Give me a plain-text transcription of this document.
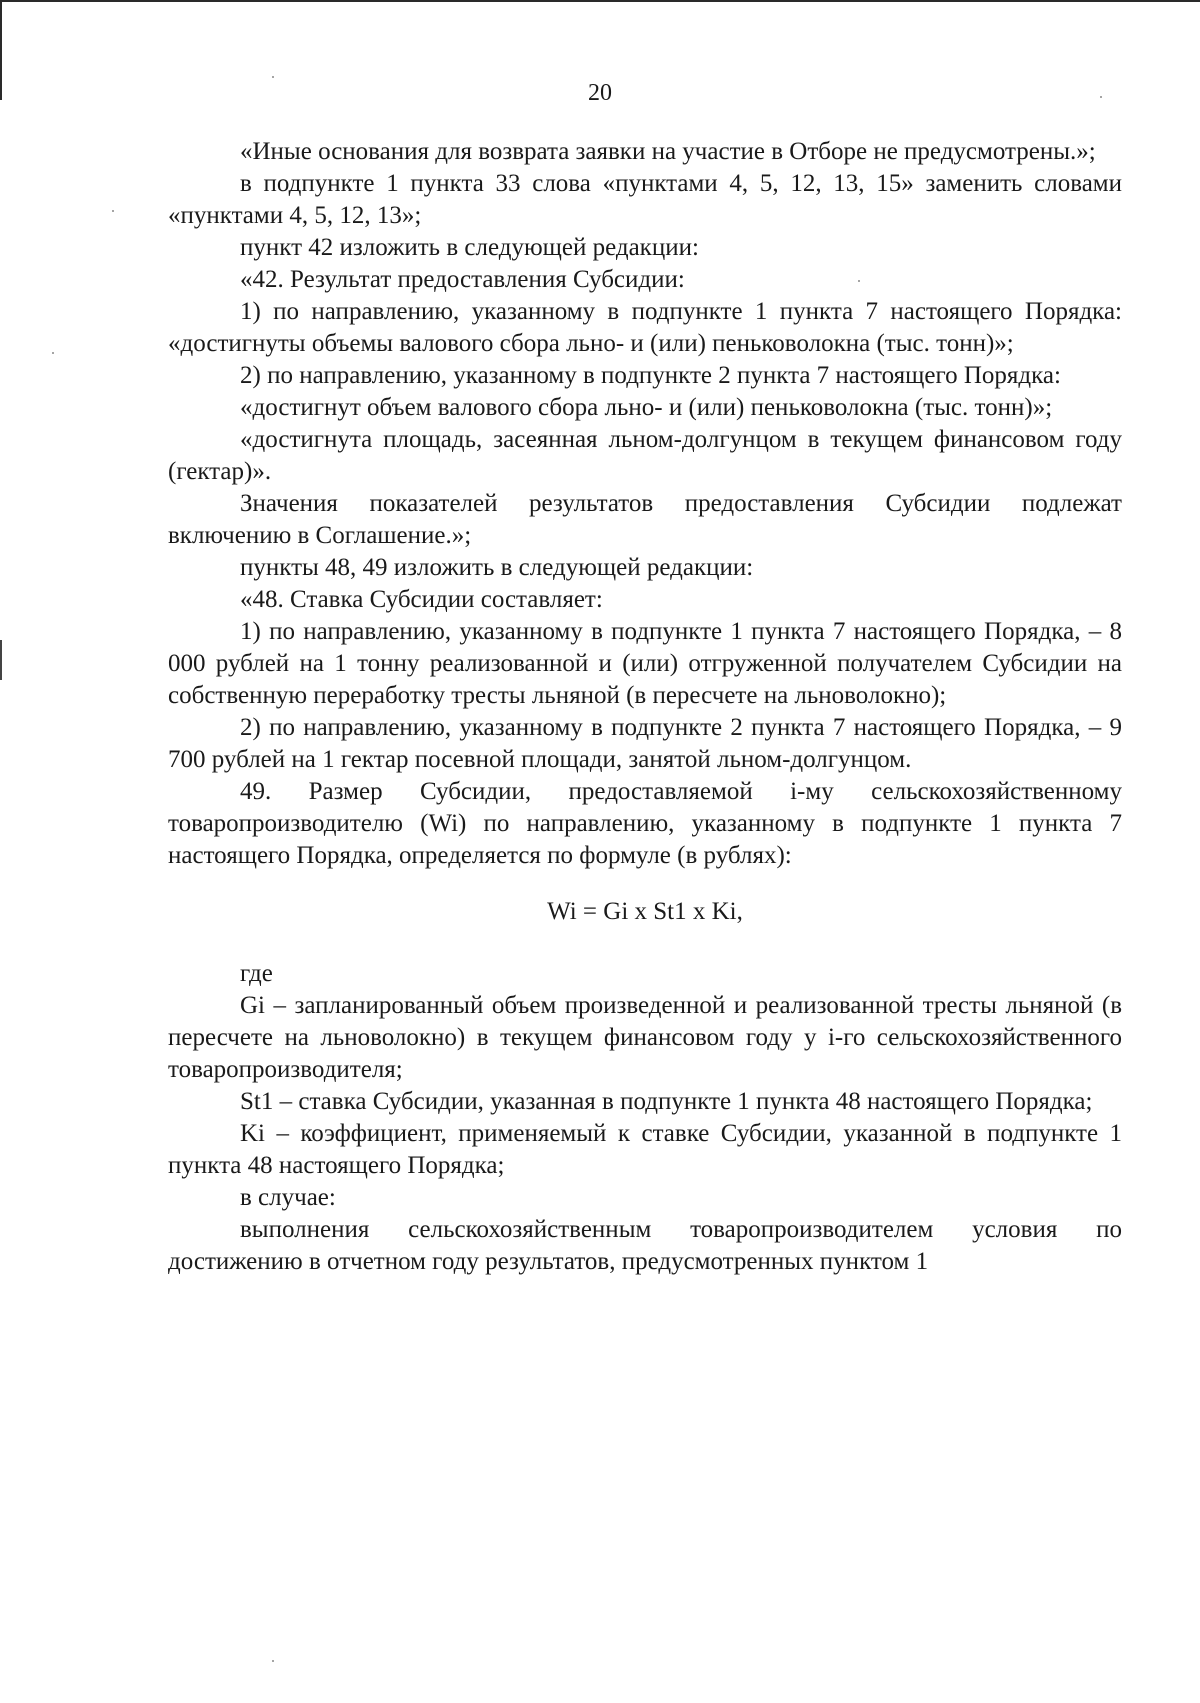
20

«Иные основания для возврата заявки на участие в Отборе не предусмотрены.»;

в подпункте 1 пункта 33 слова «пунктами 4, 5, 12, 13, 15» заменить словами «пунктами 4, 5, 12, 13»;

пункт 42 изложить в следующей редакции:

«42. Результат предоставления Субсидии:

1) по направлению, указанному в подпункте 1 пункта 7 настоящего Порядка: «достигнуты объемы валового сбора льно- и (или) пеньковолокна (тыс. тонн)»;

2) по направлению, указанному в подпункте 2 пункта 7 настоящего Порядка:

«достигнут объем валового сбора льно- и (или) пеньковолокна (тыс. тонн)»;

«достигнута площадь, засеянная льном-долгунцом в текущем финансовом году (гектар)».

Значения показателей результатов предоставления Субсидии подлежат включению в Соглашение.»;

пункты 48, 49 изложить в следующей редакции:

«48. Ставка Субсидии составляет:

1) по направлению, указанному в подпункте 1 пункта 7 настоящего Порядка, – 8 000 рублей на 1 тонну реализованной и (или) отгруженной получателем Субсидии на собственную переработку тресты льняной (в пересчете на льноволокно);

2) по направлению, указанному в подпункте 2 пункта 7 настоящего Порядка, – 9 700 рублей на 1 гектар посевной площади, занятой льном-долгунцом.

49. Размер Субсидии, предоставляемой i-му сельскохозяйственному товаропроизводителю (Wi) по направлению, указанному в подпункте 1 пункта 7 настоящего Порядка, определяется по формуле (в рублях):

Wi = Gi x St1 x Ki,

где

Gi – запланированный объем произведенной и реализованной тресты льняной (в пересчете на льноволокно) в текущем финансовом году у i-го сельскохозяйственного товаропроизводителя;

St1 – ставка Субсидии, указанная в подпункте 1 пункта 48 настоящего Порядка;

Ki – коэффициент, применяемый к ставке Субсидии, указанной в подпункте 1 пункта 48 настоящего Порядка;

в случае:

выполнения сельскохозяйственным товаропроизводителем условия по достижению в отчетном году результатов, предусмотренных пунктом 1
